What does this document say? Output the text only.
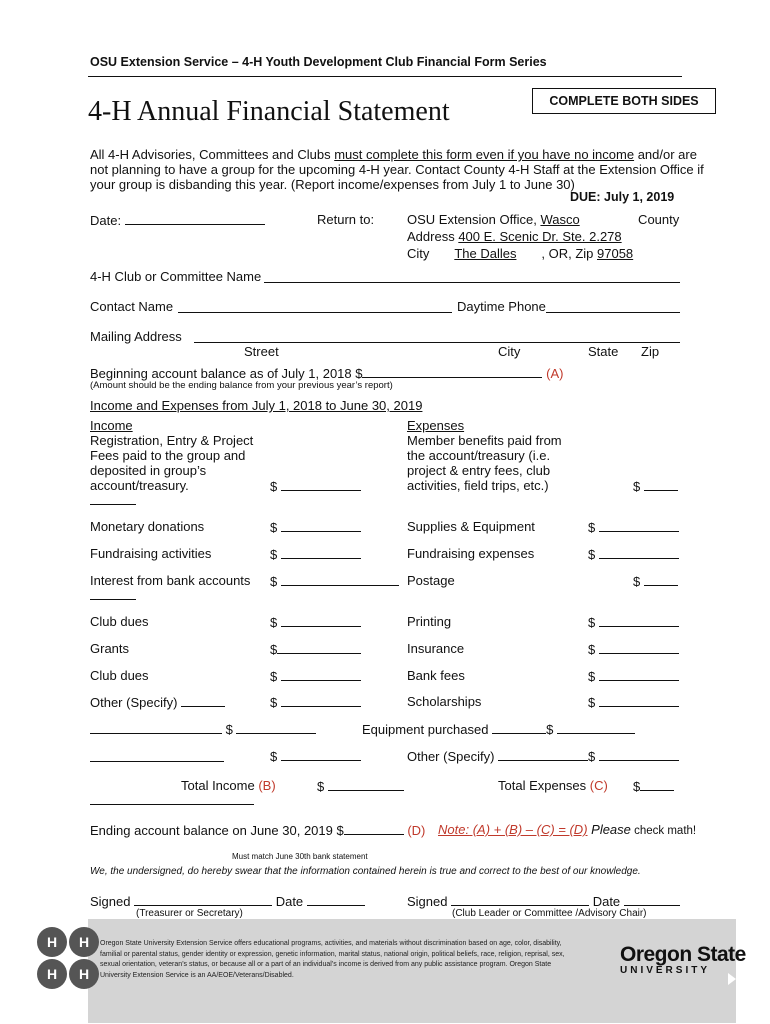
OSU Extension Service – 4-H Youth Development Club Financial Form Series
COMPLETE BOTH SIDES
4-H Annual Financial Statement
All 4-H Advisories, Committees and Clubs must complete this form even if you have no income and/or are
not planning to have a group for the upcoming 4-H year. Contact County 4-H Staff at the Extension Office if
your group is disbanding this year. (Report income/expenses from July 1 to June 30)
DUE: July 1, 2019
Date:	Return to:	OSU Extension Office, Wasco	County
Address 400 E. Scenic Dr. Ste. 2.278
City The Dalles , OR, Zip 97058
4-H Club or Committee Name
Contact Name	Daytime Phone
Mailing Address
Street	City	State Zip
Beginning account balance as of July 1, 2018 $	(A)
(Amount should be the ending balance from your previous year’s report)
Income and Expenses from July 1, 2018 to June 30, 2019
Income
Registration, Entry & Project
Fees paid to the group and
deposited in group’s
account/treasury.	$
Expenses
Member benefits paid from
the account/treasury (i.e.
project & entry fees, club
activities, field trips, etc.)	$
Monetary donations	$	Supplies & Equipment	$
Fundraising activities	$	Fundraising expenses	$
Interest from bank accounts $	Postage	$
Club dues	$	Printing	$
Grants	$	Insurance	$
Club dues	$	Bank fees	$
Other (Specify)	$	Scholarships	$
$	Equipment purchased	$
$	Other (Specify)	$
Total Income (B)	$	Total Expenses (C) $
Ending account balance on June 30, 2019 $	(D) Note: (A) + (B) – (C) = (D) Please check math!
Must match June 30th bank statement
We, the undersigned, do hereby swear that the information contained herein is true and correct to the best of our knowledge.
Signed	Date
(Treasurer or Secretary)
Signed	Date
(Club Leader or Committee /Advisory Chair)
Oregon State University Extension Service offers educational programs, activities, and materials without discrimination based on age, color, disability, familial or parental status, gender identity or expression, genetic information, marital status, national origin, political beliefs, race, religion, reprisal, sex, sexual orientation, veteran’s status, or because all or a part of an individual’s income is derived from any public assistance program. Oregon State University Extension Service is an AA/EOE/Veterans/Disabled.
Oregon State
UNIVERSITY
H H
H H
